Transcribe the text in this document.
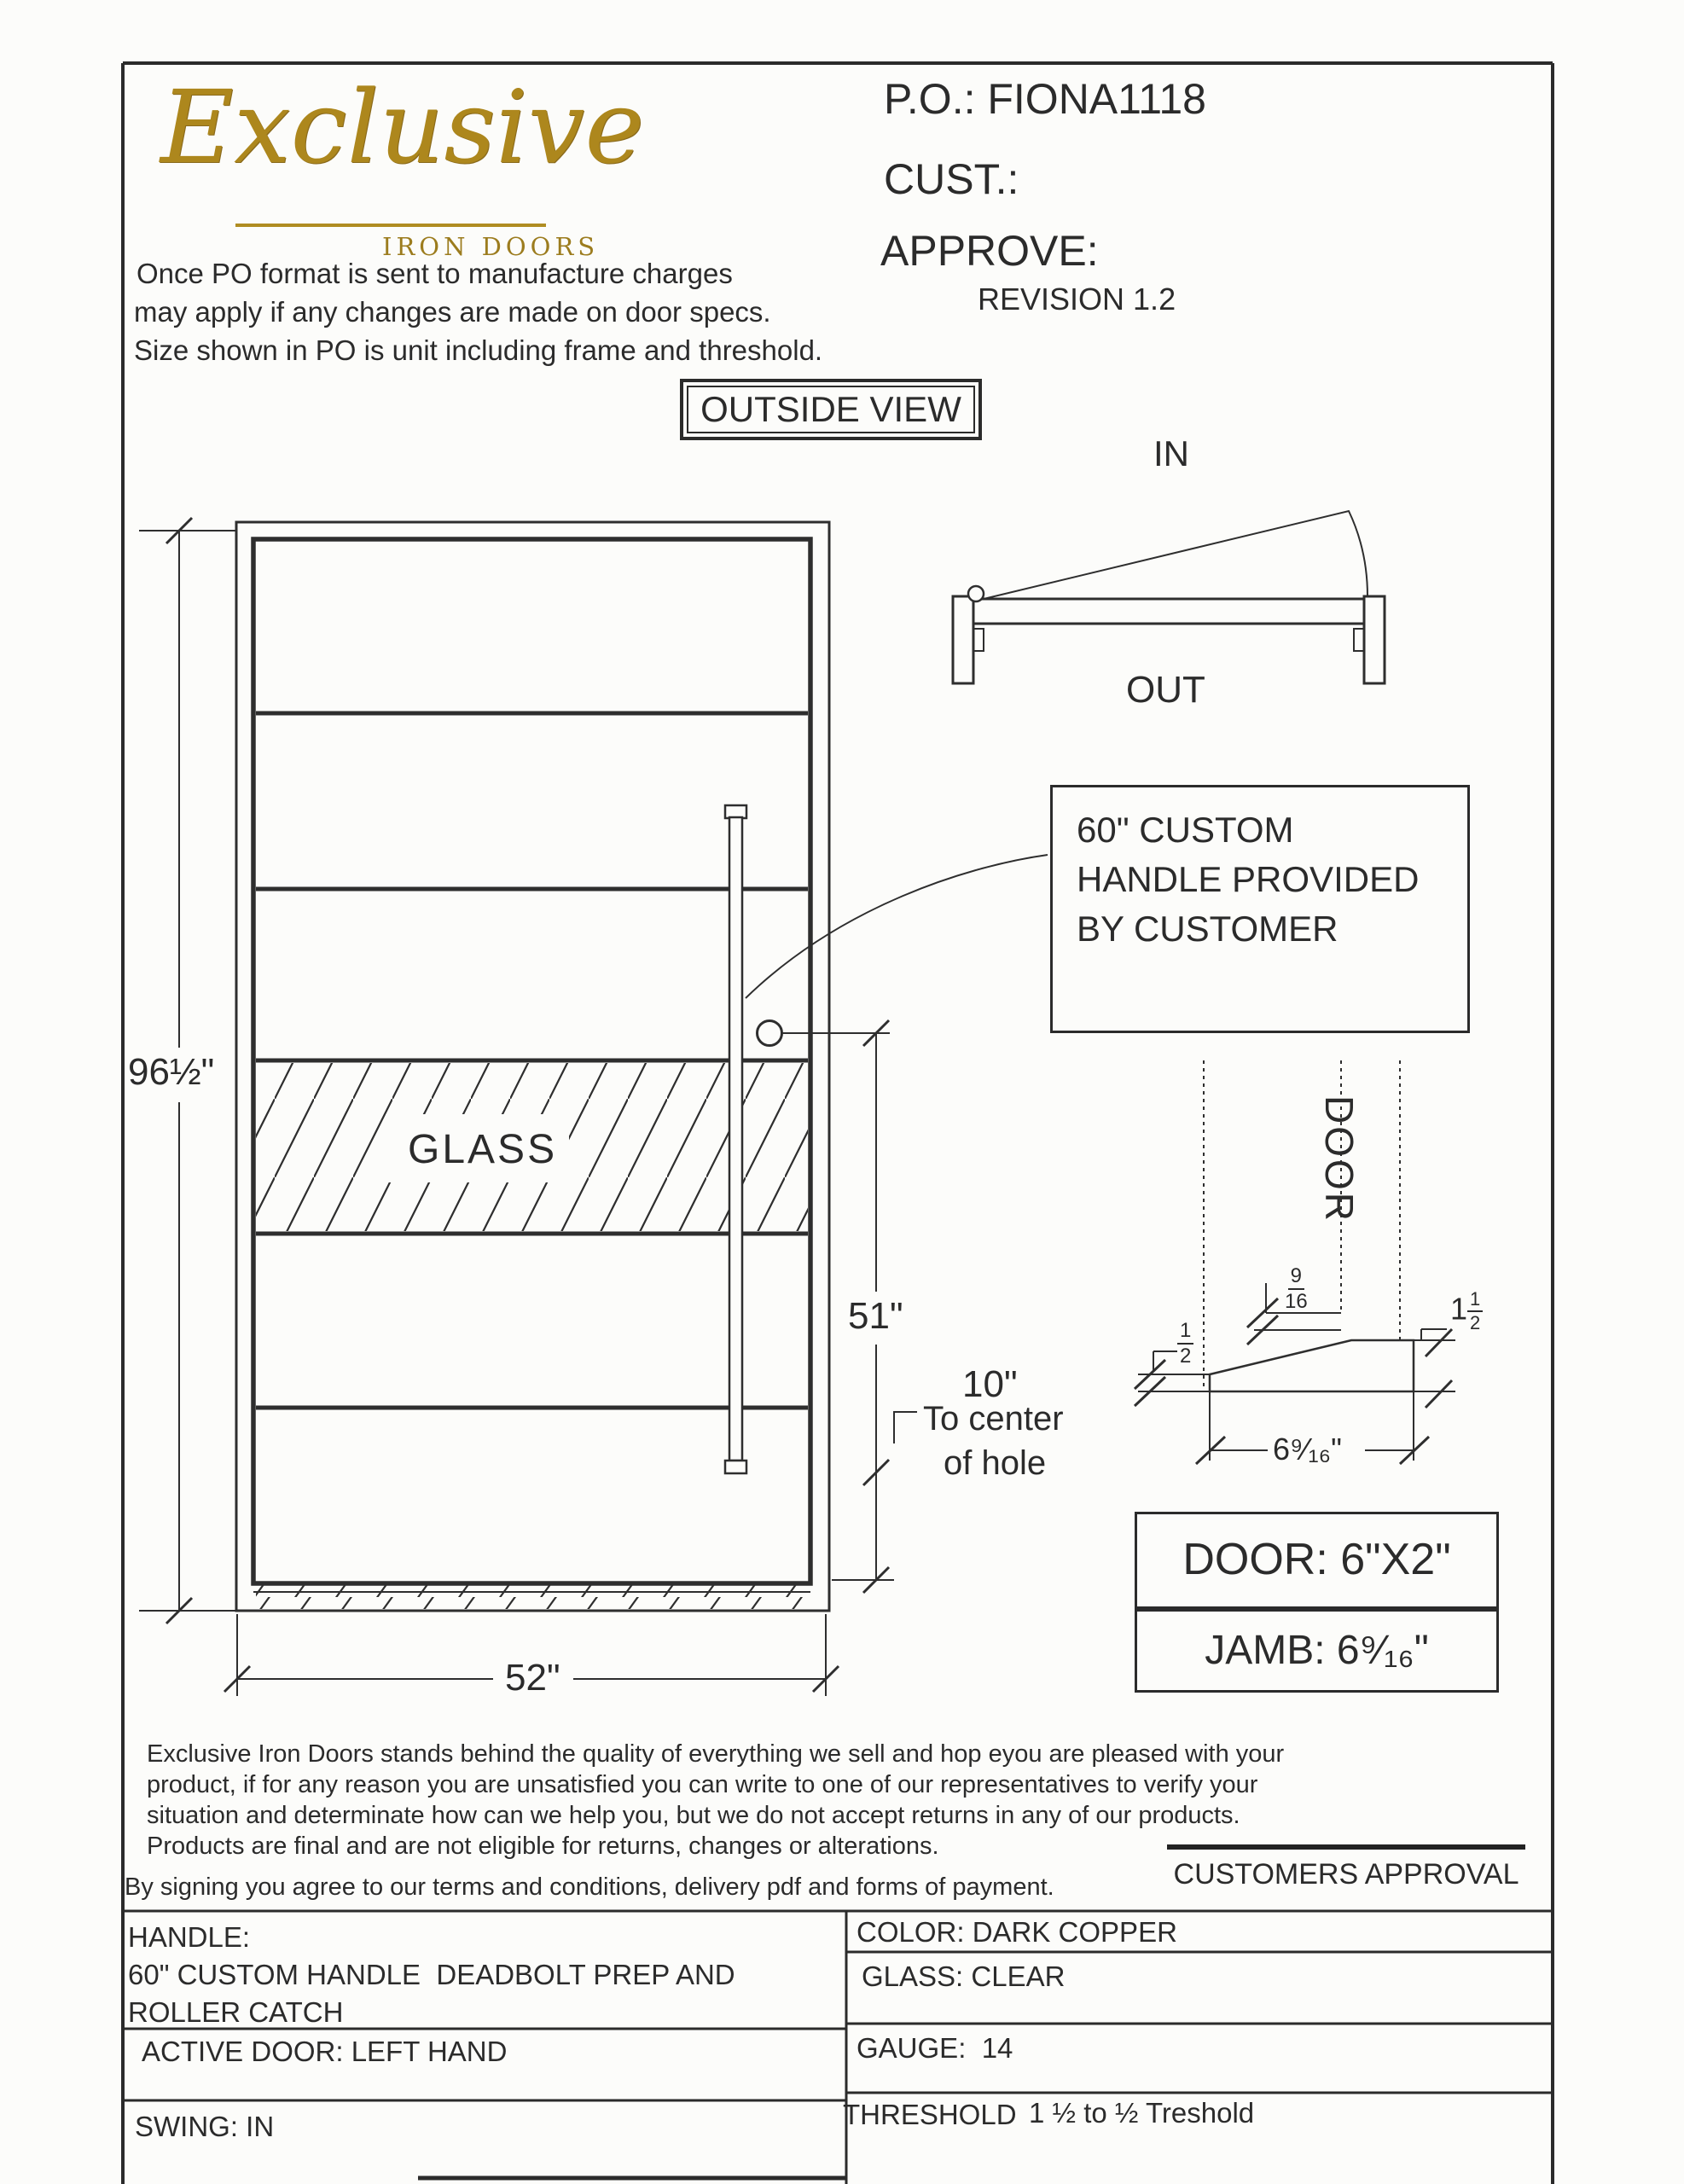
Exclusive
IRON DOORS
P.O.: FIONA1118
CUST.:
APPROVE:
REVISION 1.2
Once PO format is sent to manufacture charges
may apply if any changes are made on door specs.
Size shown in PO is unit including frame and threshold.
OUTSIDE VIEW
IN
OUT
96½"
GLASS
51"
10"
To center
of hole
52"
60" CUSTOM
HANDLE PROVIDED
BY CUSTOMER
DOOR
$\frac{9}{16}$
$\frac{1}{2}$
$1 \frac{1}{2}$
6⁹⁄₁₆"
DOOR: 6"X2"
JAMB: 6⁹⁄₁₆"
CUSTOMERS APPROVAL
Exclusive Iron Doors stands behind the quality of everything we sell and hop eyou are pleased with your
product, if for any reason you are unsatisfied you can write to one of our representatives to verify your
situation and determinate how can we help you, but we do not accept returns in any of our products.
Products are final and are not eligible for returns, changes or alterations.
By signing you agree to our terms and conditions, delivery pdf and forms of payment.
HANDLE:
60" CUSTOM HANDLE  DEADBOLT PREP AND
ROLLER CATCH
ACTIVE DOOR: LEFT HAND
SWING: IN
COLOR: DARK COPPER
GLASS: CLEAR
GAUGE:  14
THRESHOLD 1 ½ to ½ Treshold
